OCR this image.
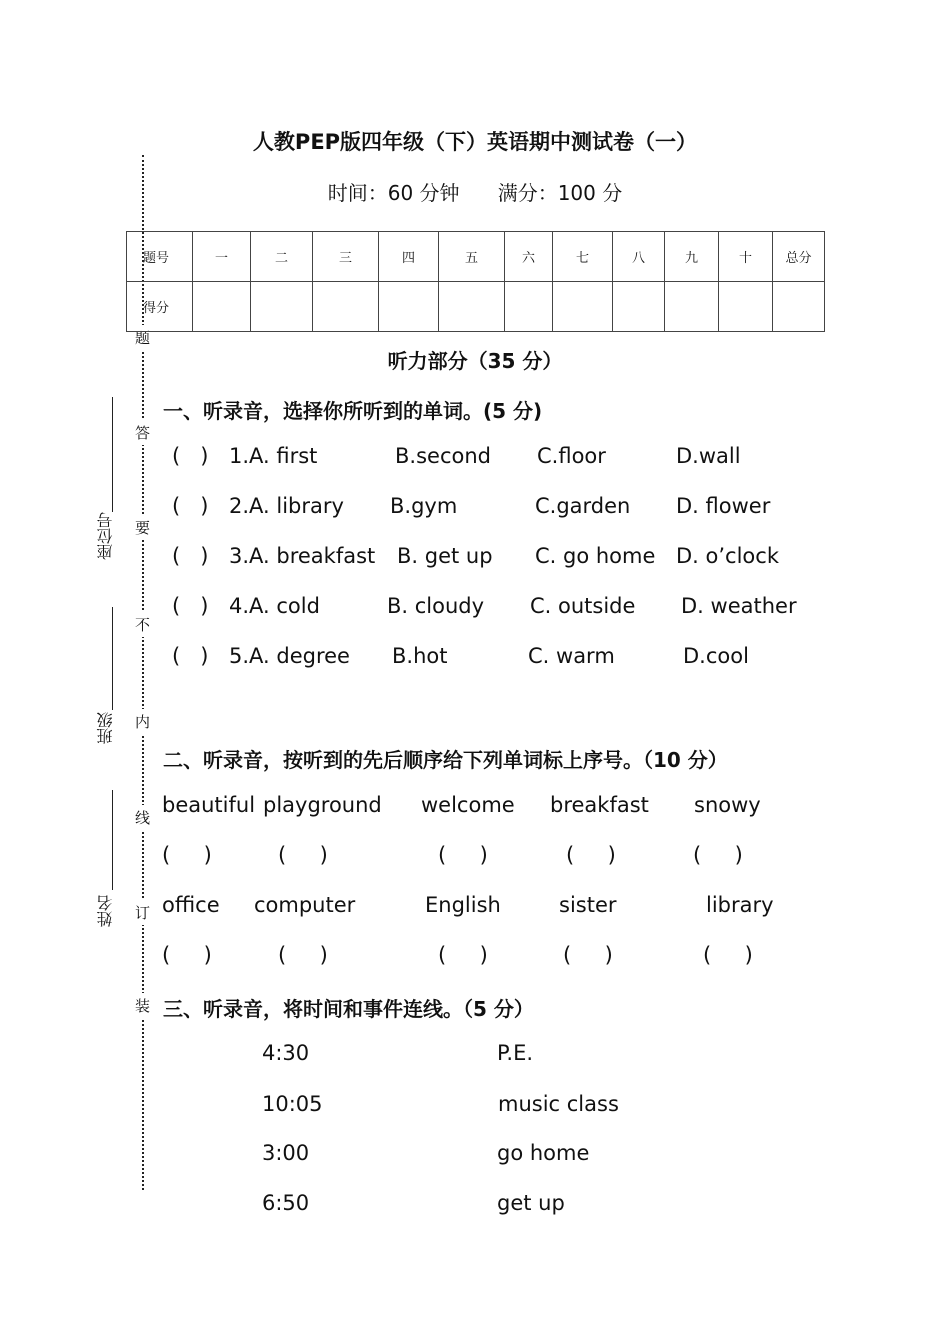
人教PEP版四年级（下）英语期中测试卷（一）
时间：60 分钟      满分：100 分
题
答
要
不
内
线
订
装
座位号
班级
姓名
题号	一	二	三	四	五	六	七	八	九	十	总分
得分											
听力部分（35 分）
一、听录音，选择你所听到的单词。(5 分)
(   ) 1.A. first	B.second C.floor	D.wall
(   ) 2.A. library B.gym	C.garden D. flower
(   ) 3.A. breakfast B. get up C. go home D. o’clock
(   ) 4.A. cold	B. cloudy C. outside D. weather
(   ) 5.A. degree B.hot	C. warm	D.cool
二、听录音，按听到的先后顺序给下列单词标上序号。（10 分）
beautiful playground welcome breakfast snowy
(     )	(     )	(     )	(     )	(     )
office computer	English	sister	library
(     )	(     )	(     )	(     )	(     )
三、听录音，将时间和事件连线。（5 分）
4:30	P.E.
10:05	music class
3:00	go home
6:50	get up
